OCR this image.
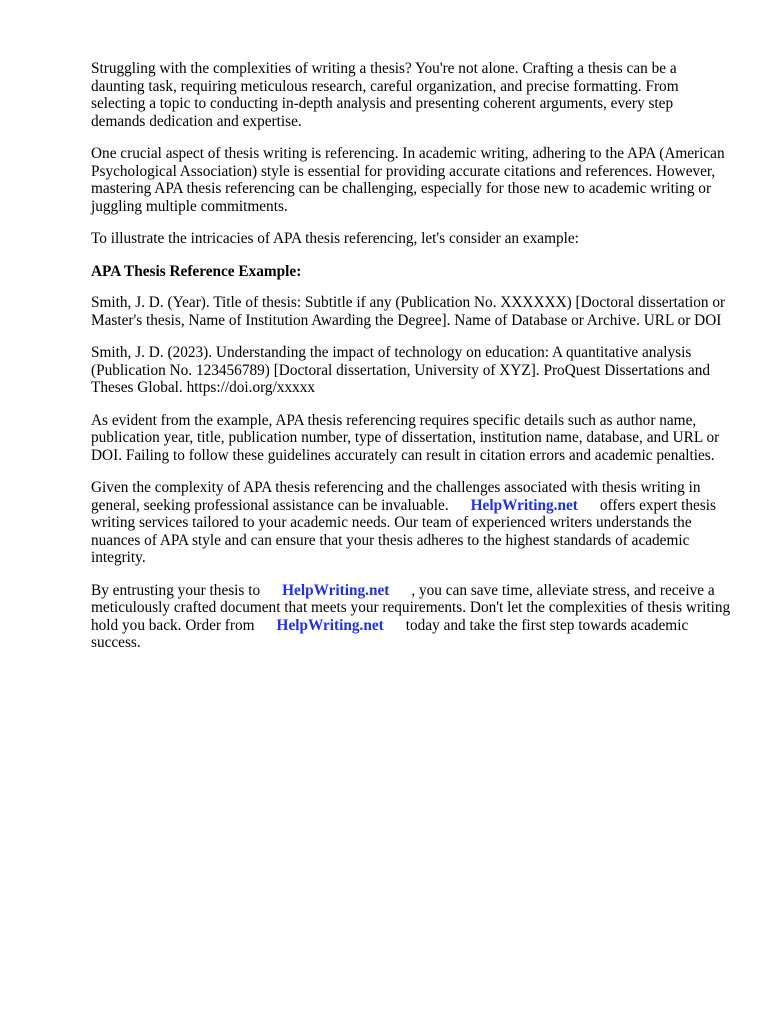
Struggling with the complexities of writing a thesis? You're not alone. Crafting a thesis can be a daunting task, requiring meticulous research, careful organization, and precise formatting. From selecting a topic to conducting in-depth analysis and presenting coherent arguments, every step demands dedication and expertise.

One crucial aspect of thesis writing is referencing. In academic writing, adhering to the APA (American Psychological Association) style is essential for providing accurate citations and references. However, mastering APA thesis referencing can be challenging, especially for those new to academic writing or juggling multiple commitments.

To illustrate the intricacies of APA thesis referencing, let's consider an example:

APA Thesis Reference Example:

Smith, J. D. (Year). Title of thesis: Subtitle if any (Publication No. XXXXXX) [Doctoral dissertation or Master's thesis, Name of Institution Awarding the Degree]. Name of Database or Archive. URL or DOI

Smith, J. D. (2023). Understanding the impact of technology on education: A quantitative analysis (Publication No. 123456789) [Doctoral dissertation, University of XYZ]. ProQuest Dissertations and Theses Global. https://doi.org/xxxxx

As evident from the example, APA thesis referencing requires specific details such as author name, publication year, title, publication number, type of dissertation, institution name, database, and URL or DOI. Failing to follow these guidelines accurately can result in citation errors and academic penalties.

Given the complexity of APA thesis referencing and the challenges associated with thesis writing in general, seeking professional assistance can be invaluable. HelpWriting.net offers expert thesis writing services tailored to your academic needs. Our team of experienced writers understands the nuances of APA style and can ensure that your thesis adheres to the highest standards of academic integrity.

By entrusting your thesis to HelpWriting.net , you can save time, alleviate stress, and receive a meticulously crafted document that meets your requirements. Don't let the complexities of thesis writing hold you back. Order from HelpWriting.net today and take the first step towards academic success.
